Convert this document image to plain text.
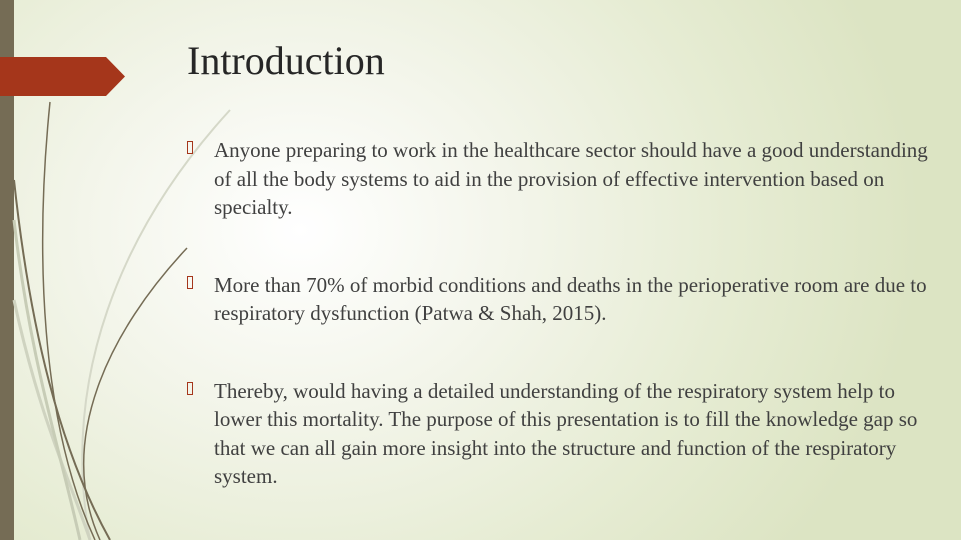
Introduction
Anyone preparing to work in the healthcare sector should have a good understanding of all the body systems to aid in the provision of effective intervention based on specialty.
More than 70% of morbid conditions and deaths in the perioperative room are due to respiratory dysfunction (Patwa & Shah, 2015).
Thereby, would having a detailed understanding of the respiratory system help to lower this mortality. The purpose of this presentation is to fill the knowledge gap so that we can all gain more insight into the structure and function of the respiratory system.
